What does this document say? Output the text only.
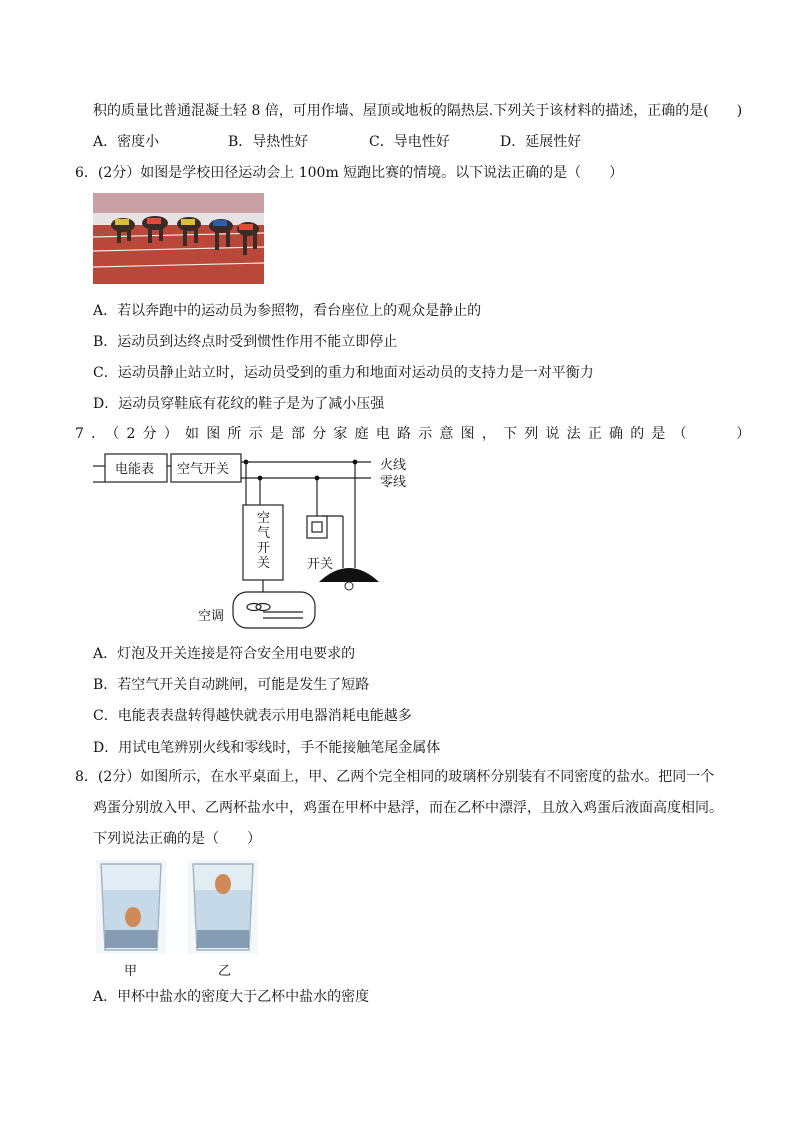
积的质量比普通混凝土轻 8 倍，可用作墙、屋顶或地板的隔热层.下列关于该材料的描述，正确的是(　　)
A．密度小	B．导热性好	C．导电性好	D．延展性好
6．(2分）如图是学校田径运动会上 100m 短跑比赛的情境。以下说法正确的是（　　）
A．若以奔跑中的运动员为参照物，看台座位上的观众是静止的
B．运动员到达终点时受到惯性作用不能立即停止
C．运动员静止站立时，运动员受到的重力和地面对运动员的支持力是一对平衡力
D．运动员穿鞋底有花纹的鞋子是为了减小压强
7．（2分）如图所示是部分家庭电路示意图，下列说法正确的是（　　）
电能表 空气开关	火线
零线
空气开关	开关
空调
A．灯泡及开关连接是符合安全用电要求的
B．若空气开关自动跳闸，可能是发生了短路
C．电能表表盘转得越快就表示用电器消耗电能越多
D．用试电笔辨别火线和零线时，手不能接触笔尾金属体
8．(2分）如图所示，在水平桌面上，甲、乙两个完全相同的玻璃杯分别装有不同密度的盐水。把同一个
鸡蛋分别放入甲、乙两杯盐水中，鸡蛋在甲杯中悬浮，而在乙杯中漂浮，且放入鸡蛋后液面高度相同。
下列说法正确的是（　　）
甲	乙
A．甲杯中盐水的密度大于乙杯中盐水的密度
